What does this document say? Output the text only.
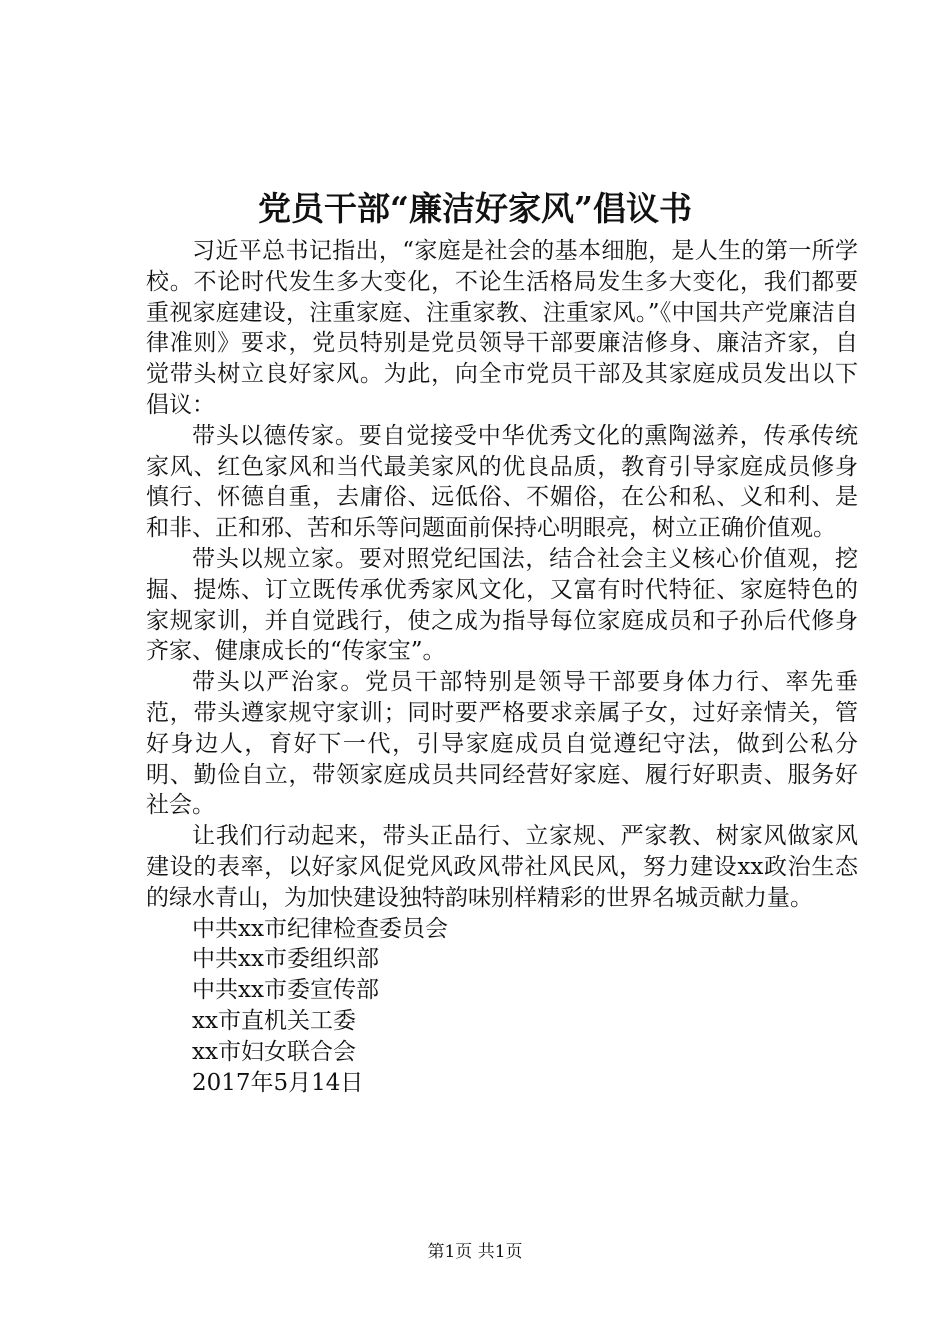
党员干部“廉洁好家风”倡议书

习近平总书记指出，“家庭是社会的基本细胞，是人生的第一所学校。不论时代发生多大变化，不论生活格局发生多大变化，我们都要重视家庭建设，注重家庭、注重家教、注重家风。”《中国共产党廉洁自律准则》要求，党员特别是党员领导干部要廉洁修身、廉洁齐家，自觉带头树立良好家风。为此，向全市党员干部及其家庭成员发出以下倡议：

带头以德传家。要自觉接受中华优秀文化的熏陶滋养，传承传统家风、红色家风和当代最美家风的优良品质，教育引导家庭成员修身慎行、怀德自重，去庸俗、远低俗、不媚俗，在公和私、义和利、是和非、正和邪、苦和乐等问题面前保持心明眼亮，树立正确价值观。

带头以规立家。要对照党纪国法，结合社会主义核心价值观，挖掘、提炼、订立既传承优秀家风文化，又富有时代特征、家庭特色的家规家训，并自觉践行，使之成为指导每位家庭成员和子孙后代修身齐家、健康成长的“传家宝”。

带头以严治家。党员干部特别是领导干部要身体力行、率先垂范，带头遵家规守家训；同时要严格要求亲属子女，过好亲情关，管好身边人，育好下一代，引导家庭成员自觉遵纪守法，做到公私分明、勤俭自立，带领家庭成员共同经营好家庭、履行好职责、服务好社会。

让我们行动起来，带头正品行、立家规、严家教、树家风做家风建设的表率，以好家风促党风政风带社风民风，努力建设xx政治生态的绿水青山，为加快建设独特韵味别样精彩的世界名城贡献力量。

中共xx市纪律检查委员会

中共xx市委组织部

中共xx市委宣传部

xx市直机关工委

xx市妇女联合会

2017年5月14日

第1页 共1页
